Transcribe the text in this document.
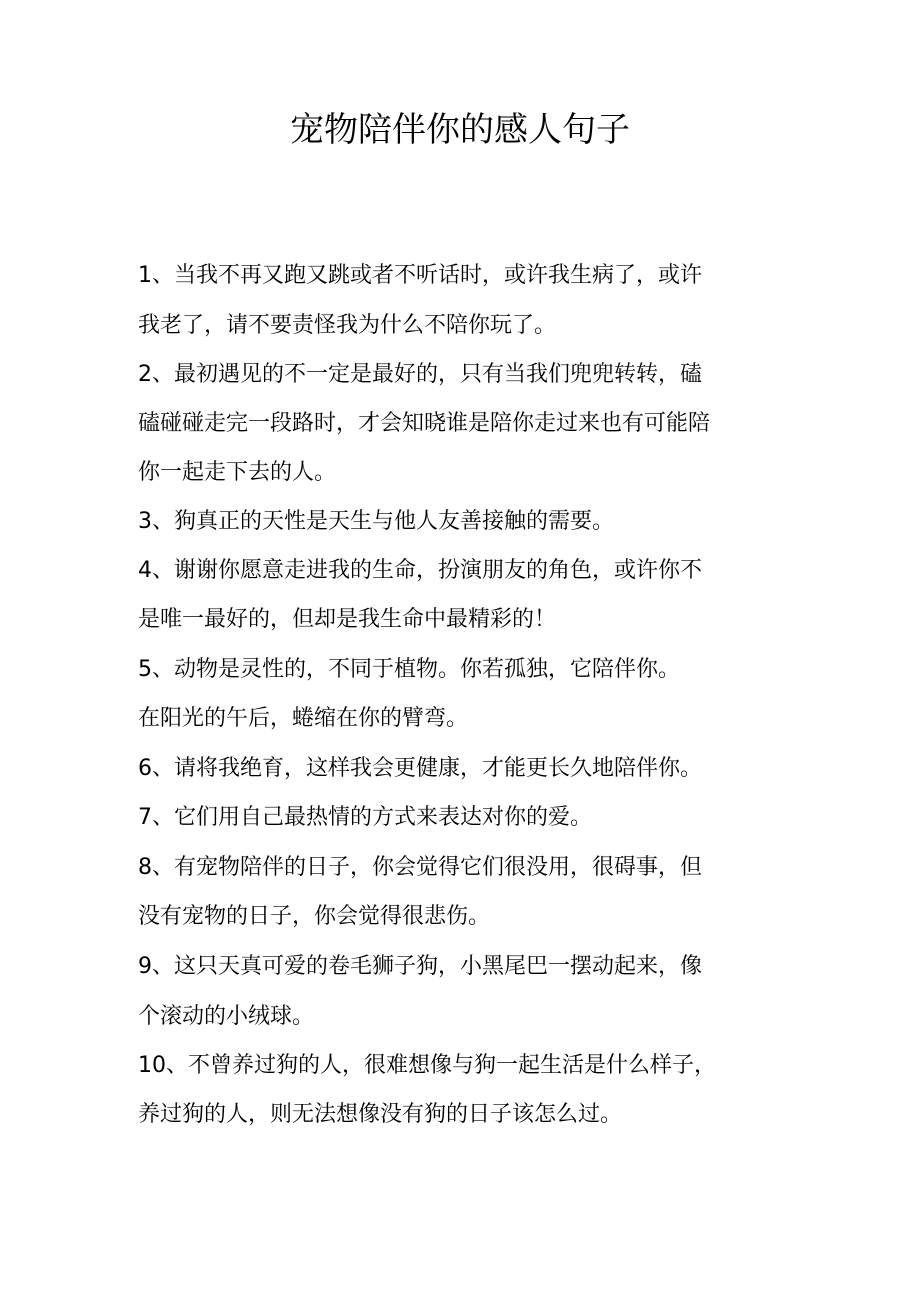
宠物陪伴你的感人句子
1、当我不再又跑又跳或者不听话时，或许我生病了，或许
我老了，请不要责怪我为什么不陪你玩了。
2、最初遇见的不一定是最好的，只有当我们兜兜转转，磕
磕碰碰走完一段路时，才会知晓谁是陪你走过来也有可能陪
你一起走下去的人。
3、狗真正的天性是天生与他人友善接触的需要。
4、谢谢你愿意走进我的生命，扮演朋友的角色，或许你不
是唯一最好的，但却是我生命中最精彩的！
5、动物是灵性的，不同于植物。你若孤独，它陪伴你。
在阳光的午后，蜷缩在你的臂弯。
6、请将我绝育，这样我会更健康，才能更长久地陪伴你。
7、它们用自己最热情的方式来表达对你的爱。
8、有宠物陪伴的日子，你会觉得它们很没用，很碍事，但
没有宠物的日子，你会觉得很悲伤。
9、这只天真可爱的卷毛狮子狗，小黑尾巴一摆动起来，像
个滚动的小绒球。
10、不曾养过狗的人，很难想像与狗一起生活是什么样子，
养过狗的人，则无法想像没有狗的日子该怎么过。
